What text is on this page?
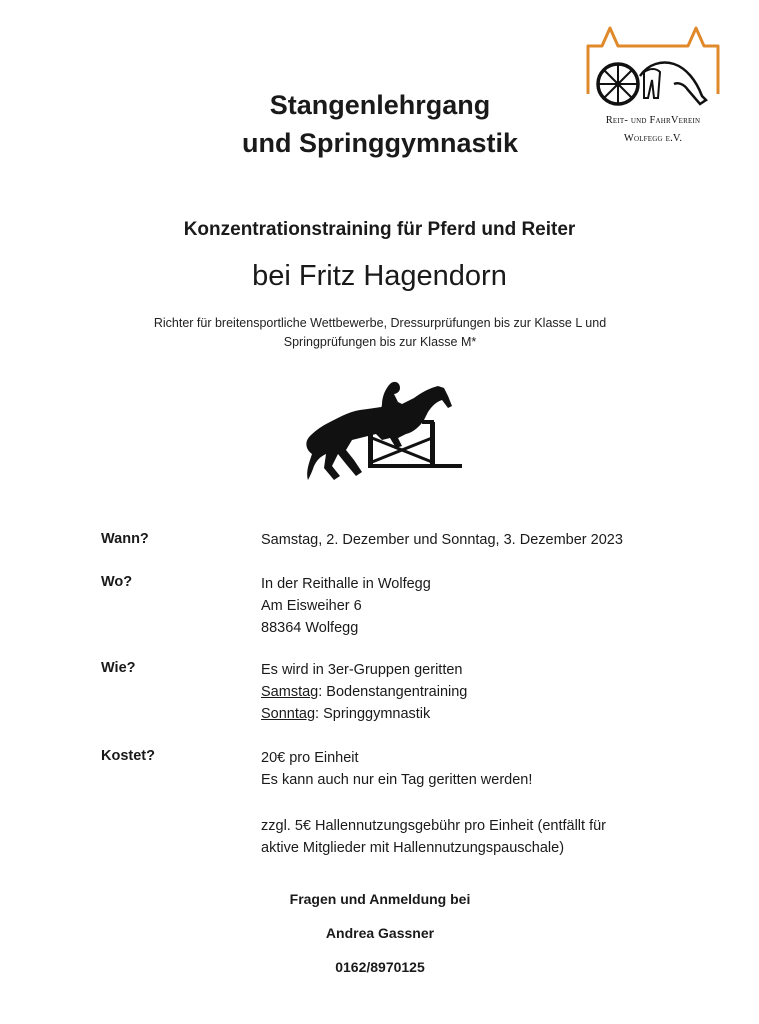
Stangenlehrgang
und Springgymnastik
Reit- und FahrVerein
Wolfegg e.V.
Konzentrationstraining für Pferd und Reiter
bei Fritz Hagendorn
Richter für breitensportliche Wettbewerbe, Dressurprüfungen bis zur Klasse L und
Springprüfungen bis zur Klasse M*
Wann?	Samstag, 2. Dezember und Sonntag, 3. Dezember 2023
Wo?	In der Reithalle in Wolfegg
Am Eisweiher 6
88364 Wolfegg
Wie?	Es wird in 3er-Gruppen geritten
Samstag: Bodenstangentraining
Sonntag: Springgymnastik
Kostet?	20€ pro Einheit
Es kann auch nur ein Tag geritten werden!
zzgl. 5€ Hallennutzungsgebühr pro Einheit (entfällt für
aktive Mitglieder mit Hallennutzungspauschale)
Fragen und Anmeldung bei
Andrea Gassner
0162/8970125
